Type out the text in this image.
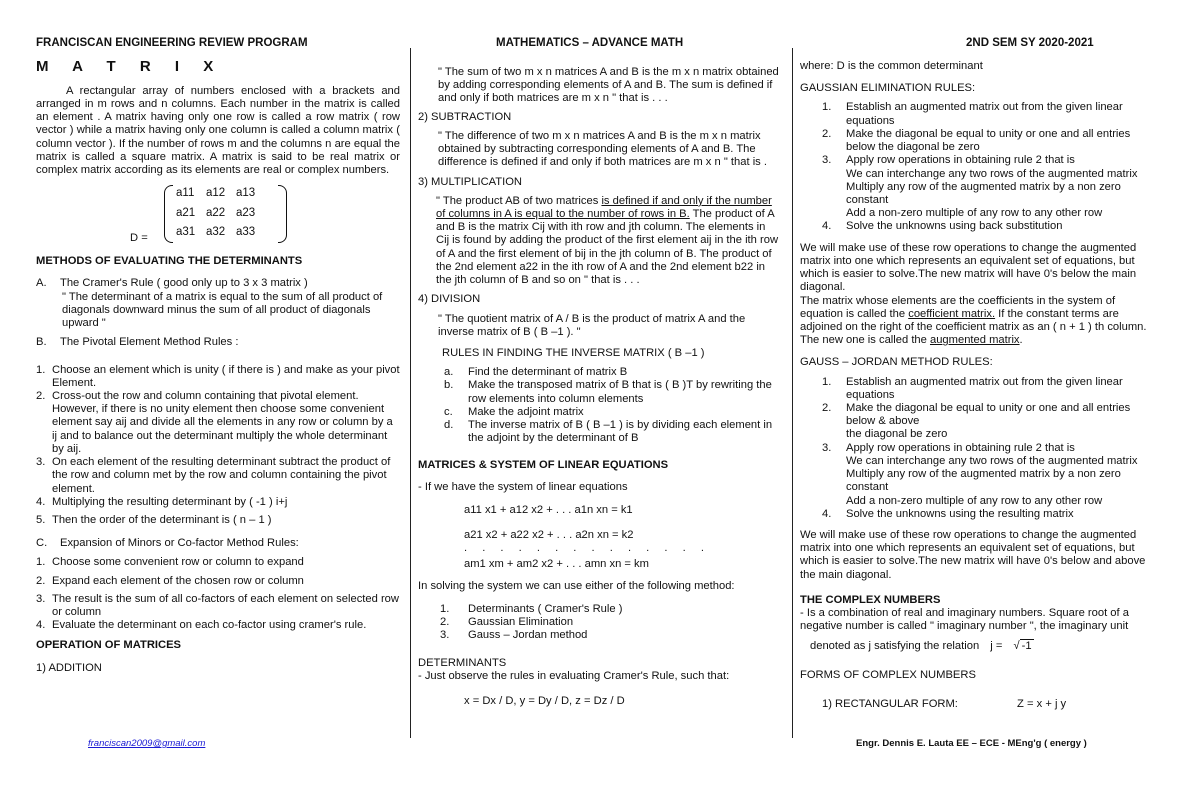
FRANCISCAN ENGINEERING REVIEW PROGRAM	MATHEMATICS – ADVANCE MATH	2ND SEM SY 2020-2021

M A T R I X

A rectangular array of numbers enclosed with a brackets and arranged in m rows and n columns. Each number in the matrix is called an element . A matrix having only one row is called a row matrix ( row vector ) while a matrix having only one column is called a column matrix ( column vector ). If the number of rows m and the columns n are equal the matrix is called a square matrix. A matrix is said to be real matrix or complex matrix according as its elements are real or complex numbers.

D =
a11	a12 a13
a21 a22 a23
a31 a32 a33

METHODS OF EVALUATING THE DETERMINANTS

A.	The Cramer's Rule ( good only up to 3 x 3 matrix )

" The determinant of a matrix is equal to the sum of all product of diagonals downward minus the sum of all product of diagonals upward "

B.	The Pivotal Element Method Rules :
1. Choose an element which is unity ( if there is ) and make as your pivot Element.
2. Cross-out the row and column containing that pivotal element. However, if there is no unity element then choose some convenient element say aij and divide all the elements in any row or column by a ij and to balance out the determinant multiply the whole determinant by aij.
3. On each element of the resulting determinant subtract the product of the row and column met by the row and column containing the pivot element.
4. Multiplying the resulting determinant by ( -1 ) i+j
5. Then the order of the determinant is ( n – 1 )
C.	Expansion of Minors or Co-factor Method Rules:
1. Choose some convenient row or column to expand
2. Expand each element of the chosen row or column
3. The result is the sum of all co-factors of each element on selected row or column
4. Evaluate the determinant on each co-factor using cramer's rule.

OPERATION OF MATRICES

1) ADDITION

" The sum of two m x n matrices A and B is the m x n matrix obtained by adding corresponding elements of A and B. The sum is defined if and only if both matrices are m x n " that is . . .

2) SUBTRACTION

" The difference of two m x n matrices A and B is the m x n matrix obtained by subtracting corresponding elements of A and B. The difference is defined if and only if both matrices are m x n " that is .

3) MULTIPLICATION

" The product AB of two matrices is defined if and only if the number of columns in A is equal to the number of rows in B. The product of A and B is the matrix Cij with ith row and jth column. The elements in Cij is found by adding the product of the first element aij in the ith row of A and the first element of bij in the jth column of B. The product of the 2nd element a22 in the ith row of A and the 2nd element b22 in the jth column of B and so on " that is . . .

4) DIVISION

" The quotient matrix of A / B is the product of matrix A and the inverse matrix of B ( B –1 ). "

RULES IN FINDING THE INVERSE MATRIX ( B –1 )

a.	Find the determinant of matrix B
b.	Make the transposed matrix of B that is ( B )T by rewriting the row elements into column elements
c.	Make the adjoint matrix
d.	The inverse matrix of B ( B –1 ) is by dividing each element in the adjoint by the determinant of B

MATRICES & SYSTEM OF LINEAR EQUATIONS

- If we have the system of linear equations

a11 x1 + a12 x2 + . . . a1n xn = k1

a21 x2 + a22 x2 + . . . a2n xn = k2

. . . . . . . . . . . . . .

am1 xm + am2 x2 + . . . amn xn = km

In solving the system we can use either of the following method:

1.	Determinants ( Cramer's Rule )
2.	Gaussian Elimination
3.	Gauss – Jordan method

DETERMINANTS

- Just observe the rules in evaluating Cramer's Rule, such that:

x = Dx / D, y = Dy / D, z = Dz / D

where: D is the common determinant

GAUSSIAN ELIMINATION RULES:

1.	Establish an augmented matrix out from the given linear equations
2.	Make the diagonal be equal to unity or one and all entries below the diagonal be zero
3.	Apply row operations in obtaining rule 2 that is
We can interchange any two rows of the augmented matrix
Multiply any row of the augmented matrix by a non zero constant
Add a non-zero multiple of any row to any other row
4.	Solve the unknowns using back substitution

We will make use of these row operations to change the augmented matrix into one which represents an equivalent set of equations, but which is easier to solve.The new matrix will have 0's below the main diagonal.

The matrix whose elements are the coefficients in the system of equation is called the coefficient matrix. If the constant terms are adjoined on the right of the coefficient matrix as an ( n + 1 ) th column. The new one is called the augmented matrix.

GAUSS – JORDAN METHOD RULES:

1.	Establish an augmented matrix out from the given linear equations
2.	Make the diagonal be equal to unity or one and all entries below & above
the diagonal be zero
3.	Apply row operations in obtaining rule 2 that is
We can interchange any two rows of the augmented matrix
Multiply any row of the augmented matrix by a non zero constant
Add a non-zero multiple of any row to any other row
4.	Solve the unknowns using the resulting matrix

We will make use of these row operations to change the augmented matrix into one which represents an equivalent set of equations, but which is easier to solve.The new matrix will have 0's below and above the main diagonal.

THE COMPLEX NUMBERS

- Is a combination of real and imaginary numbers. Square root of a negative number is called " imaginary number ", the imaginary unit

denoted as j satisfying the relation j = √ -1

FORMS OF COMPLEX NUMBERS

1) RECTANGULAR FORM:	Z = x + j y

franciscan2009@gmail.com	Engr. Dennis E. Lauta EE – ECE - MEng'g ( energy )
